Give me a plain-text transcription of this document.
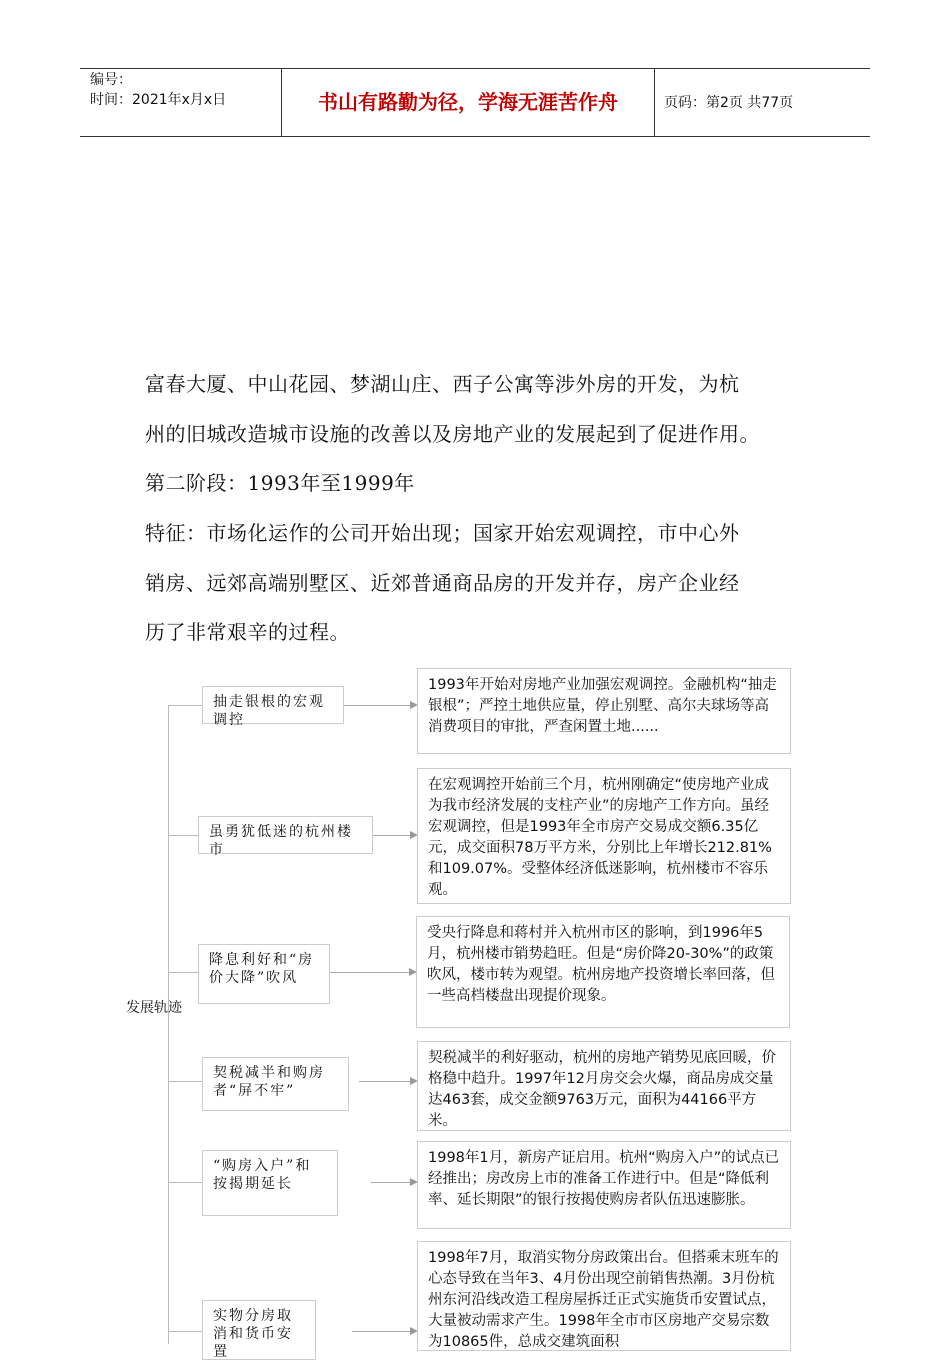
编号：
时间：2021年x月x日	书山有路勤为径，学海无涯苦作舟	页码：第2页 共77页
富春大厦、中山花园、梦湖山庄、西子公寓等涉外房的开发，为杭
州的旧城改造城市设施的改善以及房地产业的发展起到了促进作用。
第二阶段：1993年至1999年
特征：市场化运作的公司开始出现；国家开始宏观调控，市中心外
销房、远郊高端别墅区、近郊普通商品房的开发并存，房产企业经
历了非常艰辛的过程。
发展轨迹
抽走银根的宏观调控
1993年开始对房地产业加强宏观调控。金融机构“抽走银根”；严控土地供应量，停止别墅、高尔夫球场等高消费项目的审批，严查闲置土地......
虽勇犹低迷的杭州楼市
在宏观调控开始前三个月，杭州刚确定“使房地产业成为我市经济发展的支柱产业”的房地产工作方向。虽经宏观调控，但是1993年全市房产交易成交额6.35亿元，成交面积78万平方米，分别比上年增长212.81%和109.07%。受整体经济低迷影响，杭州楼市不容乐观。
降息利好和“房价大降”吹风
受央行降息和蒋村并入杭州市区的影响，到1996年5月，杭州楼市销势趋旺。但是“房价降20-30%”的政策吹风，楼市转为观望。杭州房地产投资增长率回落，但一些高档楼盘出现提价现象。
契税减半和购房者“屏不牢”
契税减半的利好驱动，杭州的房地产销势见底回暖，价格稳中趋升。1997年12月房交会火爆，商品房成交量达463套，成交金额9763万元，面积为44166平方米。
“购房入户”和按揭期延长
1998年1月，新房产证启用。杭州“购房入户”的试点已经推出；房改房上市的准备工作进行中。但是“降低利率、延长期限”的银行按揭使购房者队伍迅速膨胀。
实物分房取消和货币安置
1998年7月，取消实物分房政策出台。但搭乘末班车的心态导致在当年3、4月份出现空前销售热潮。3月份杭州东河沿线改造工程房屋拆迁正式实施货币安置试点，大量被动需求产生。1998年全市市区房地产交易宗数为10865件，总成交建筑面积
